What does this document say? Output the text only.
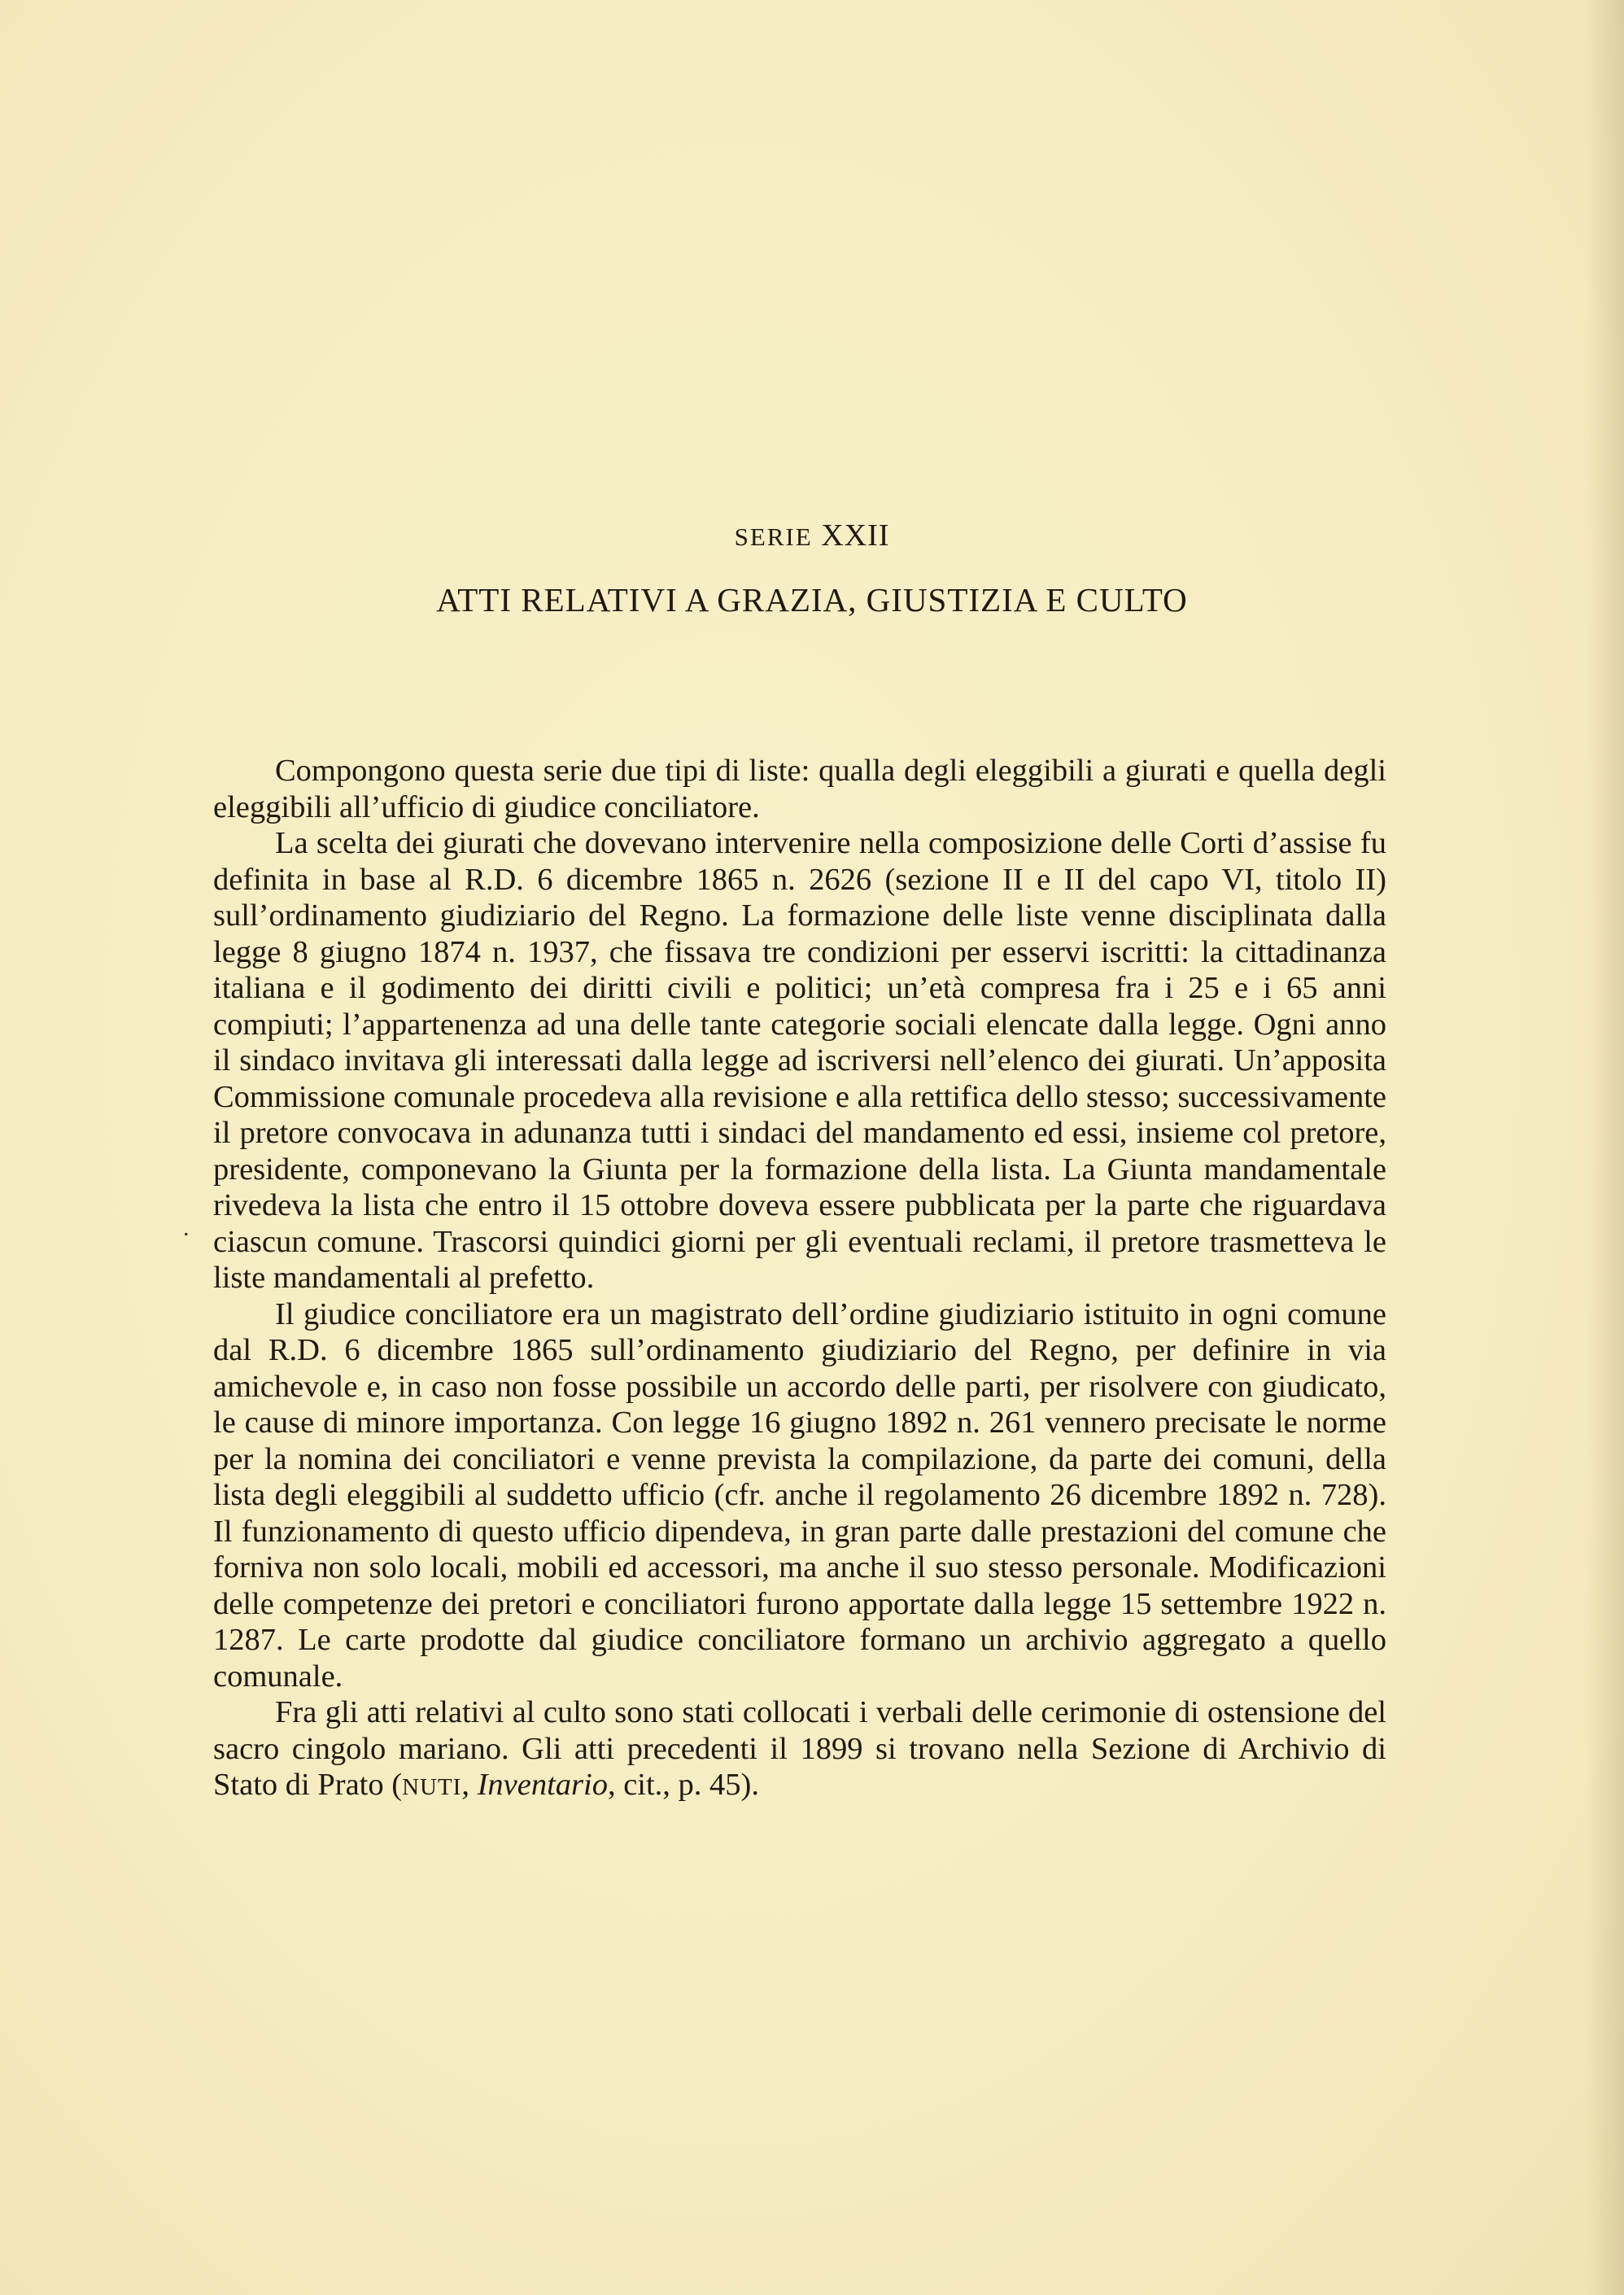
SERIE XXII
ATTI RELATIVI A GRAZIA, GIUSTIZIA E CULTO
.

Compongono questa serie due tipi di liste: qualla degli eleggibili a giurati e quella degli eleggibili all’ufficio di giudice conciliatore.

La scelta dei giurati che dovevano intervenire nella composizione delle Corti d’assise fu definita in base al R.D. 6 dicembre 1865 n. 2626 (sezione II e II del capo VI, titolo II) sull’ordinamento giudiziario del Regno. La formazione delle liste venne disciplinata dalla legge 8 giugno 1874 n. 1937, che fissava tre condizioni per esservi iscritti: la cittadinanza italiana e il godimento dei diritti civili e politici; un’età compresa fra i 25 e i 65 anni compiuti; l’appartenenza ad una delle tante categorie sociali elencate dalla legge. Ogni anno il sindaco invitava gli interessati dalla legge ad iscriversi nell’elenco dei giurati. Un’apposita Commissione comunale procedeva alla revisione e alla rettifica dello stesso; successivamente il pretore convocava in adunanza tutti i sindaci del mandamento ed essi, insieme col pretore, presidente, componevano la Giunta per la formazione della lista. La Giunta mandamentale rivedeva la lista che entro il 15 ottobre doveva essere pubblicata per la parte che riguardava ciascun comune. Trascorsi quindici giorni per gli eventuali reclami, il pretore trasmetteva le liste mandamentali al prefetto.

Il giudice conciliatore era un magistrato dell’ordine giudiziario istituito in ogni comune dal R.D. 6 dicembre 1865 sull’ordinamento giudiziario del Regno, per definire in via amichevole e, in caso non fosse possibile un accordo delle parti, per risolvere con giudicato, le cause di minore importanza. Con legge 16 giugno 1892 n. 261 vennero precisate le norme per la nomina dei conciliatori e venne prevista la compilazione, da parte dei comuni, della lista degli eleggibili al suddetto ufficio (cfr. anche il regolamento 26 dicembre 1892 n. 728). Il funzionamento di questo ufficio dipendeva, in gran parte dalle prestazioni del comune che forniva non solo locali, mobili ed accessori, ma anche il suo stesso personale. Modificazioni delle competenze dei pretori e conciliatori furono apportate dalla legge 15 settembre 1922 n. 1287. Le carte prodotte dal giudice conciliatore formano un archivio aggregato a quello comunale.

Fra gli atti relativi al culto sono stati collocati i verbali delle cerimonie di ostensione del sacro cingolo mariano. Gli atti precedenti il 1899 si trovano nella Sezione di Archivio di Stato di Prato (NUTI, Inventario, cit., p. 45).
